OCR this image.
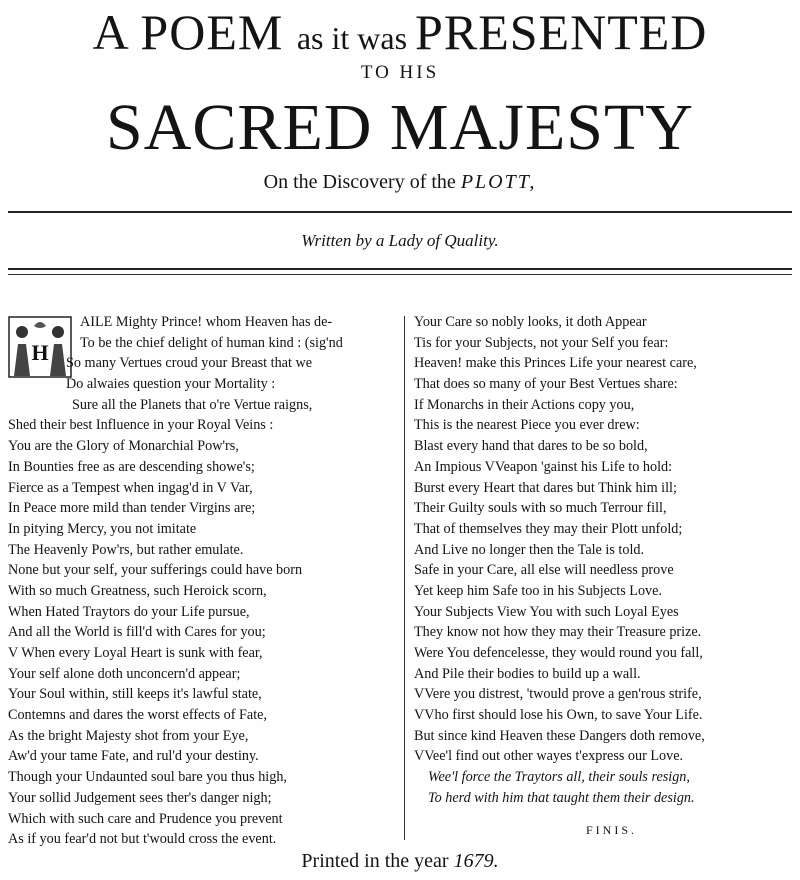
A POEM as it was PRESENTED
TO HIS
SACRED MAJESTY
On the Discovery of the PLOTT,
Written by a Lady of Quality.
H
AILE Mighty Prince! whom Heaven has de-
To be the chief delight of human kind : (sig'nd
So many Vertues croud your Breast that we
Do alwaies question your Mortality :
Sure all the Planets that o're Vertue raigns,
Shed their best Influence in your Royal Veins :
You are the Glory of Monarchial Pow'rs,
In Bounties free as are descending showe's;
Fierce as a Tempest when ingag'd in V Var,
In Peace more mild than tender Virgins are;
In pitying Mercy, you not imitate
The Heavenly Pow'rs, but rather emulate.
None but your self, your sufferings could have born
With so much Greatness, such Heroick scorn,
When Hated Traytors do your Life pursue,
And all the World is fill'd with Cares for you;
V When every Loyal Heart is sunk with fear,
Your self alone doth unconcern'd appear;
Your Soul within, still keeps it's lawful state,
Contemns and dares the worst effects of Fate,
As the bright Majesty shot from your Eye,
Aw'd your tame Fate, and rul'd your destiny.
Though your Undaunted soul bare you thus high,
Your sollid Judgement sees ther's danger nigh;
Which with such care and Prudence you prevent
As if you fear'd not but t'would cross the event.
Your Care so nobly looks, it doth Appear
Tis for your Subjects, not your Self you fear:
Heaven! make this Princes Life your nearest care,
That does so many of your Best Vertues share:
If Monarchs in their Actions copy you,
This is the nearest Piece you ever drew:
Blast every hand that dares to be so bold,
An Impious VVeapon 'gainst his Life to hold:
Burst every Heart that dares but Think him ill;
Their Guilty souls with so much Terrour fill,
That of themselves they may their Plott unfold;
And Live no longer then the Tale is told.
Safe in your Care, all else will needless prove
Yet keep him Safe too in his Subjects Love.
Your Subjects View You with such Loyal Eyes
They know not how they may their Treasure prize.
Were You defencelesse, they would round you fall,
And Pile their bodies to build up a wall.
VVere you distrest, 'twould prove a gen'rous strife,
VVho first should lose his Own, to save Your Life.
But since kind Heaven these Dangers doth remove,
VVee'l find out other wayes t'express our Love.
Wee'l force the Traytors all, their souls resign,
To herd with him that taught them their design.
FINIS.
Printed in the year 1679.
